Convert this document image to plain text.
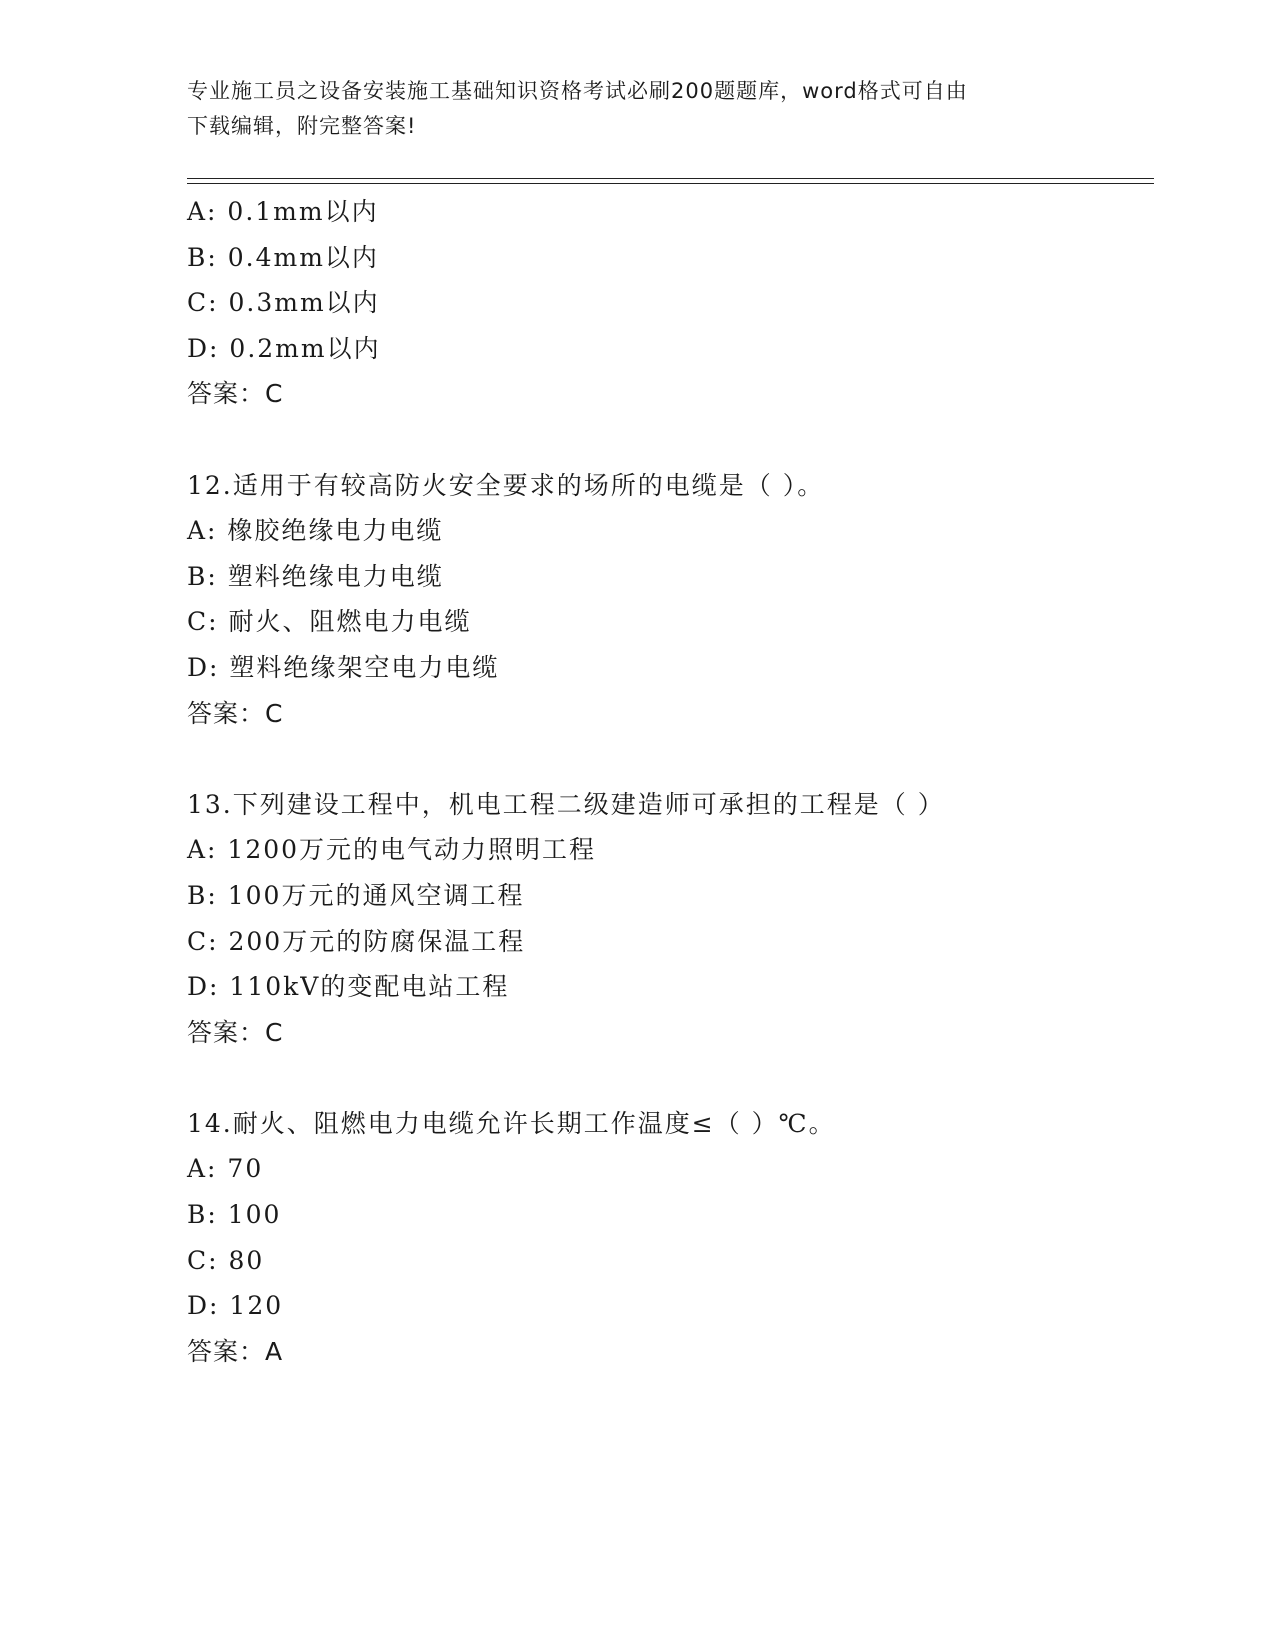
专业施工员之设备安装施工基础知识资格考试必刷200题题库，word格式可自由
下载编辑，附完整答案!
A: 0.1mm以内
B: 0.4mm以内
C: 0.3mm以内
D: 0.2mm以内
答案：C
12.适用于有较高防火安全要求的场所的电缆是（ ）。
A: 橡胶绝缘电力电缆
B: 塑料绝缘电力电缆
C: 耐火、阻燃电力电缆
D: 塑料绝缘架空电力电缆
答案：C
13.下列建设工程中，机电工程二级建造师可承担的工程是（ ）
A: 1200万元的电气动力照明工程
B: 100万元的通风空调工程
C: 200万元的防腐保温工程
D: 110kV的变配电站工程
答案：C
14.耐火、阻燃电力电缆允许长期工作温度≤（ ）℃。
A: 70
B: 100
C: 80
D: 120
答案：A
